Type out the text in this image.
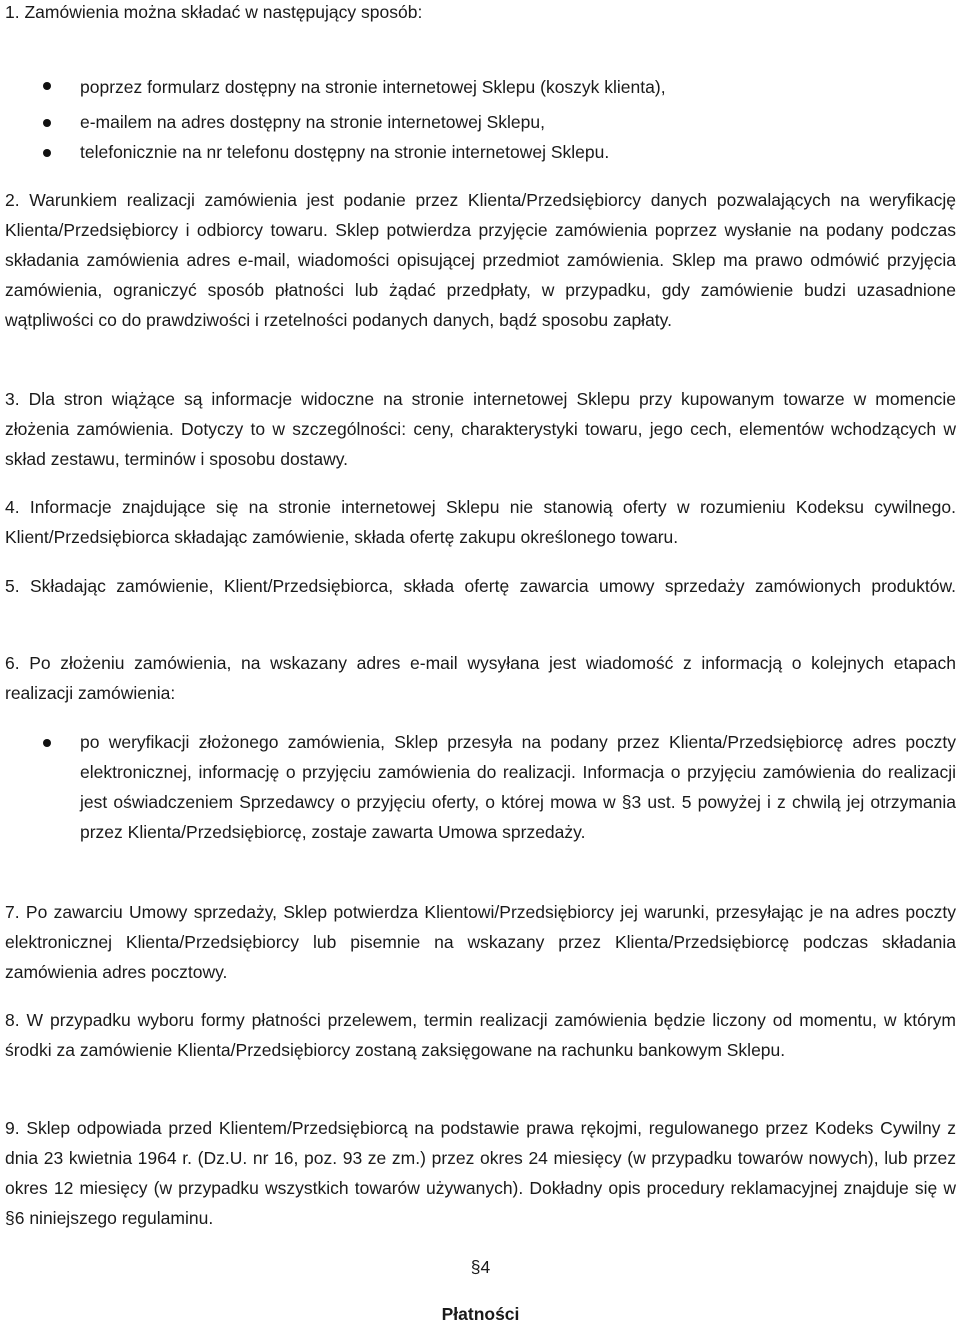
1. Zamówienia można składać w następujący sposób:

poprzez formularz dostępny na stronie internetowej Sklepu (koszyk klienta),
e-mailem na adres dostępny na stronie internetowej Sklepu,
telefonicznie na nr telefonu dostępny na stronie internetowej Sklepu.

2. Warunkiem realizacji zamówienia jest podanie przez Klienta/Przedsiębiorcy danych pozwalających na weryfikację Klienta/Przedsiębiorcy i odbiorcy towaru. Sklep potwierdza przyjęcie zamówienia poprzez wysłanie na podany podczas składania zamówienia adres e-mail, wiadomości opisującej przedmiot zamówienia. Sklep ma prawo odmówić przyjęcia zamówienia, ograniczyć sposób płatności lub żądać przedpłaty, w przypadku, gdy zamówienie budzi uzasadnione wątpliwości co do prawdziwości i rzetelności podanych danych, bądź sposobu zapłaty.

3. Dla stron wiążące są informacje widoczne na stronie internetowej Sklepu przy kupowanym towarze w momencie złożenia zamówienia. Dotyczy to w szczególności: ceny, charakterystyki towaru, jego cech, elementów wchodzących w skład zestawu, terminów i sposobu dostawy.

4. Informacje znajdujące się na stronie internetowej Sklepu nie stanowią oferty w rozumieniu Kodeksu cywilnego. Klient/Przedsiębiorca składając zamówienie, składa ofertę zakupu określonego towaru.

5. Składając zamówienie, Klient/Przedsiębiorca, składa ofertę zawarcia umowy sprzedaży zamówionych produktów.

6. Po złożeniu zamówienia, na wskazany adres e-mail wysyłana jest wiadomość z informacją o kolejnych etapach realizacji zamówienia:

po weryfikacji złożonego zamówienia, Sklep przesyła na podany przez Klienta/Przedsiębiorcę adres poczty elektronicznej, informację o przyjęciu zamówienia do realizacji. Informacja o przyjęciu zamówienia do realizacji jest oświadczeniem Sprzedawcy o przyjęciu oferty, o której mowa w §3 ust. 5 powyżej i z chwilą jej otrzymania przez Klienta/Przedsiębiorcę, zostaje zawarta Umowa sprzedaży.

7. Po zawarciu Umowy sprzedaży, Sklep potwierdza Klientowi/Przedsiębiorcy jej warunki, przesyłając je na adres poczty elektronicznej Klienta/Przedsiębiorcy lub pisemnie na wskazany przez Klienta/Przedsiębiorcę podczas składania zamówienia adres pocztowy.

8. W przypadku wyboru formy płatności przelewem, termin realizacji zamówienia będzie liczony od momentu, w którym środki za zamówienie Klienta/Przedsiębiorcy zostaną zaksięgowane na rachunku bankowym Sklepu.

9. Sklep odpowiada przed Klientem/Przedsiębiorcą na podstawie prawa rękojmi, regulowanego przez Kodeks Cywilny z dnia 23 kwietnia 1964 r. (Dz.U. nr 16, poz. 93 ze zm.) przez okres 24 miesięcy (w przypadku towarów nowych), lub przez okres 12 miesięcy (w przypadku wszystkich towarów używanych). Dokładny opis procedury reklamacyjnej znajduje się w §6 niniejszego regulaminu.

§4
Płatności
